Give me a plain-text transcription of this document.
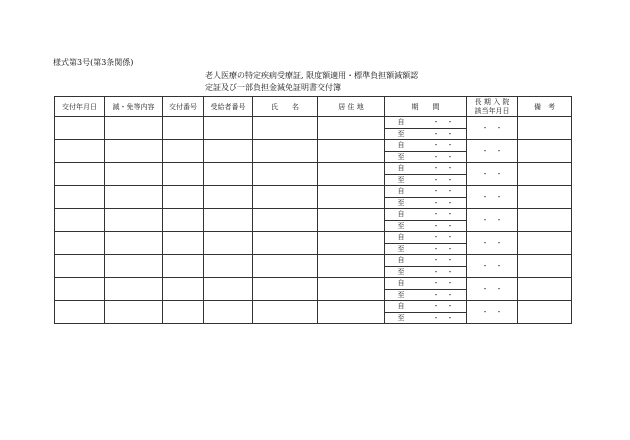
様式第3号(第3条関係)
老人医療の特定疾病受療証, 限度額適用・標準負担額減額認
定証及び一部負担金減免証明書交付簿
交付年月日	減・免等内容	交付番号	受給者番号	氏　　名	居 住 地	期　　間	長 期 入 院
該当年月日	備　考
						自　　　　 ・　・	・　・	
						至　　　　 ・　・		
						自　　　　 ・　・	・　・	
						至　　　　 ・　・		
						自　　　　 ・　・	・　・	
						至　　　　 ・　・		
						自　　　　 ・　・	・　・	
						至　　　　 ・　・		
						自　　　　 ・　・	・　・	
						至　　　　 ・　・		
						自　　　　 ・　・	・　・	
						至　　　　 ・　・		
						自　　　　 ・　・	・　・	
						至　　　　 ・　・		
						自　　　　 ・　・	・　・	
						至　　　　 ・　・		
						自　　　　 ・　・	・　・	
						至　　　　 ・　・		
